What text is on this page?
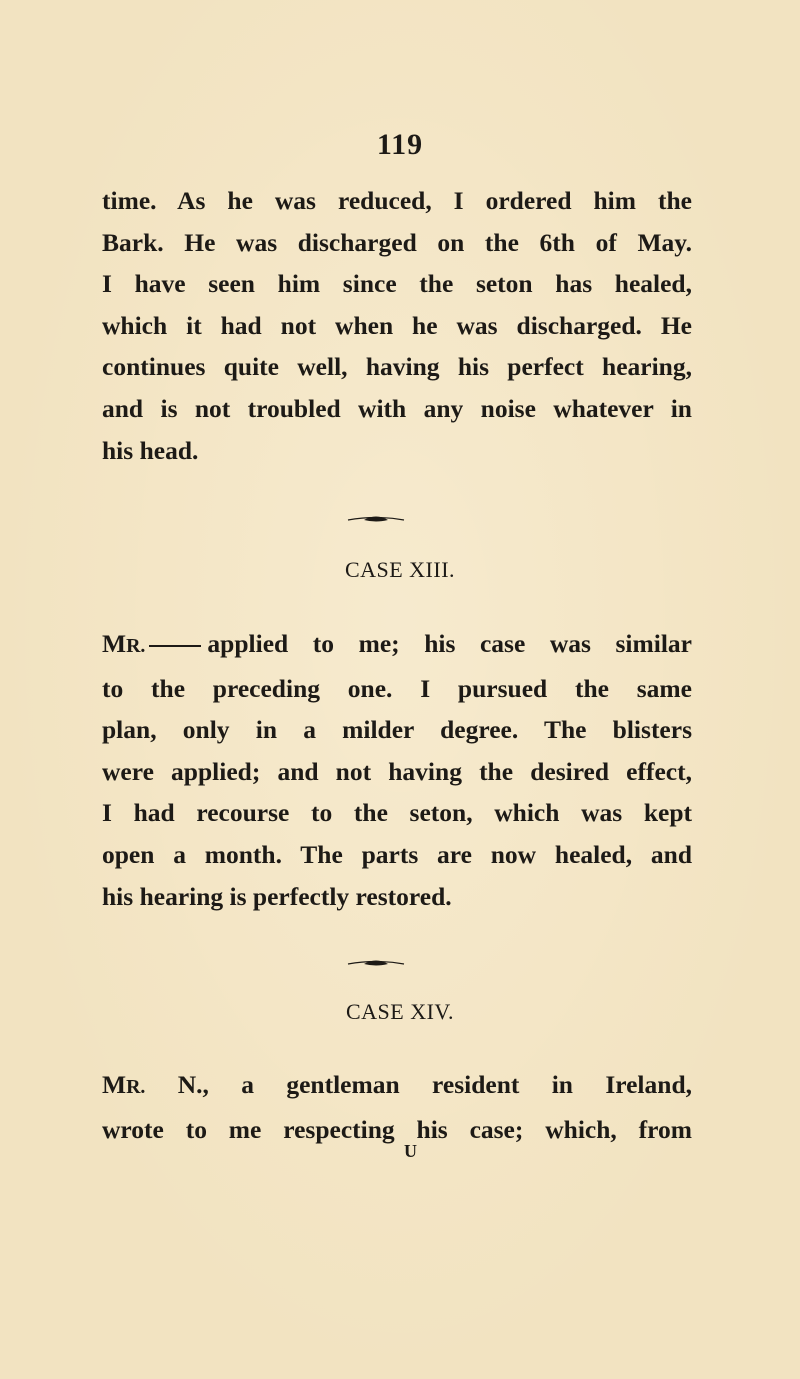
119

time. As he was reduced, I ordered him the
Bark. He was discharged on the 6th of May.
I have seen him since the seton has healed,
which it had not when he was discharged. He
continues quite well, having his perfect hearing,
and is not troubled with any noise whatever in
his head.

CASE XIII.

MR. applied to me; his case was similar
to the preceding one. I pursued the same
plan, only in a milder degree. The blisters
were applied; and not having the desired effect,
I had recourse to the seton, which was kept
open a month. The parts are now healed, and
his hearing is perfectly restored.

CASE XIV.

MR. N., a gentleman resident in Ireland,
wrote to me respecting his case; which, from

U
